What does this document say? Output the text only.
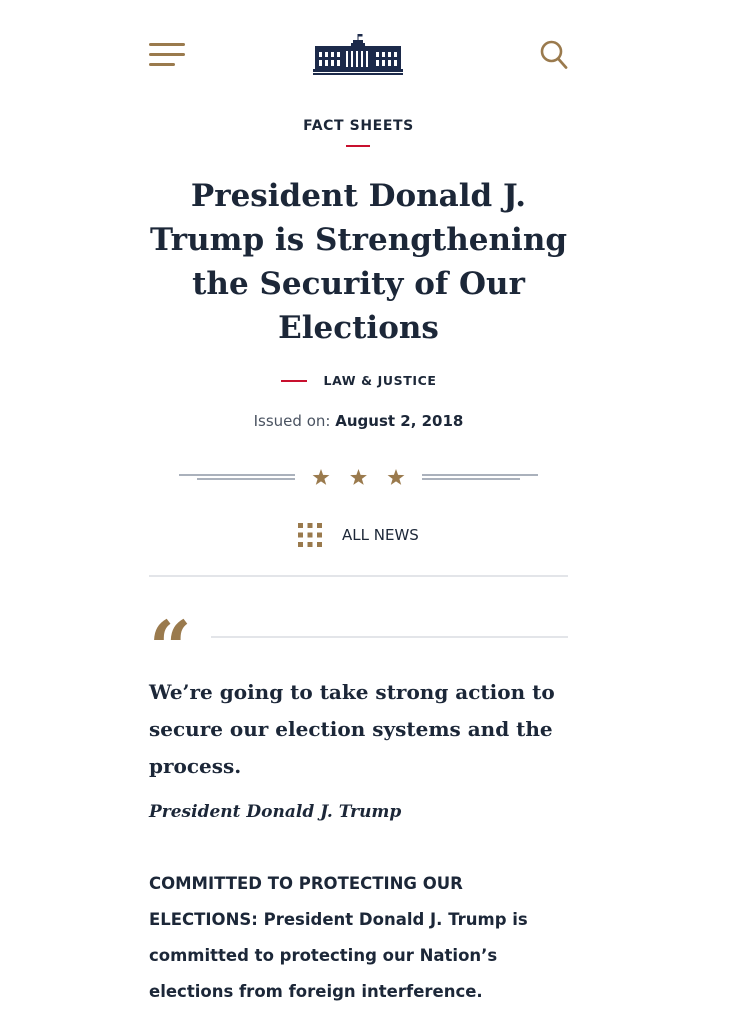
FACT SHEETS
President Donald J. Trump is Strengthening the Security of Our Elections
LAW & JUSTICE
Issued on: August 2, 2018
ALL NEWS
“

We’re going to take strong action to secure our election systems and the process.

President Donald J. Trump

COMMITTED TO PROTECTING OUR ELECTIONS: President Donald J. Trump is committed to protecting our Nation’s elections from foreign interference.
